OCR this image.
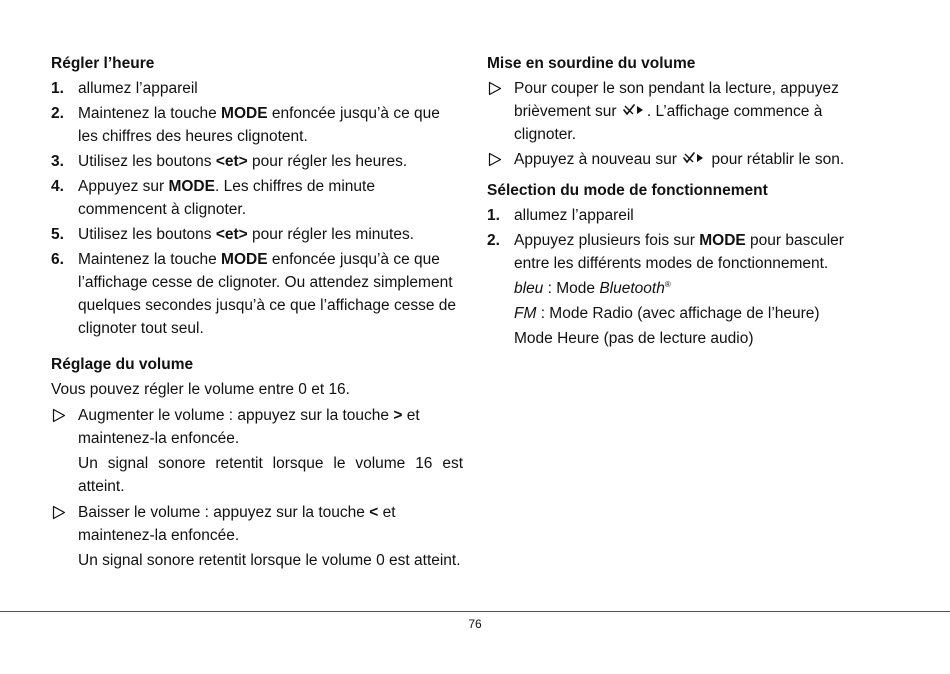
Régler l’heure
1. allumez l’appareil
2. Maintenez la touche MODE enfoncée jusqu’à ce que les chiffres des heures clignotent.
3. Utilisez les boutons <et> pour régler les heures.
4. Appuyez sur MODE. Les chiffres de minute commencent à clignoter.
5. Utilisez les boutons <et> pour régler les minutes.
6. Maintenez la touche MODE enfoncée jusqu’à ce que l’affichage cesse de clignoter. Ou attendez simplement quelques secondes jusqu’à ce que l’affichage cesse de clignoter tout seul.
Réglage du volume

Vous pouvez régler le volume entre 0 et 16.

Augmenter le volume : appuyez sur la touche > et maintenez-la enfoncée.

Un signal sonore retentit lorsque le volume 16 est atteint.

Baisser le volume : appuyez sur la touche < et maintenez-la enfoncée.

Un signal sonore retentit lorsque le volume 0 est atteint.

Mise en sourdine du volume
Pour couper le son pendant la lecture, appuyez brièvement sur . L’affichage commence à clignoter.
Appuyez à nouveau sur  pour rétablir le son.
Sélection du mode de fonctionnement
1. allumez l’appareil
2. Appuyez plusieurs fois sur MODE pour basculer entre les différents modes de fonctionnement.

bleu : Mode Bluetooth®

FM : Mode Radio (avec affichage de l’heure)

Mode Heure (pas de lecture audio)

76
